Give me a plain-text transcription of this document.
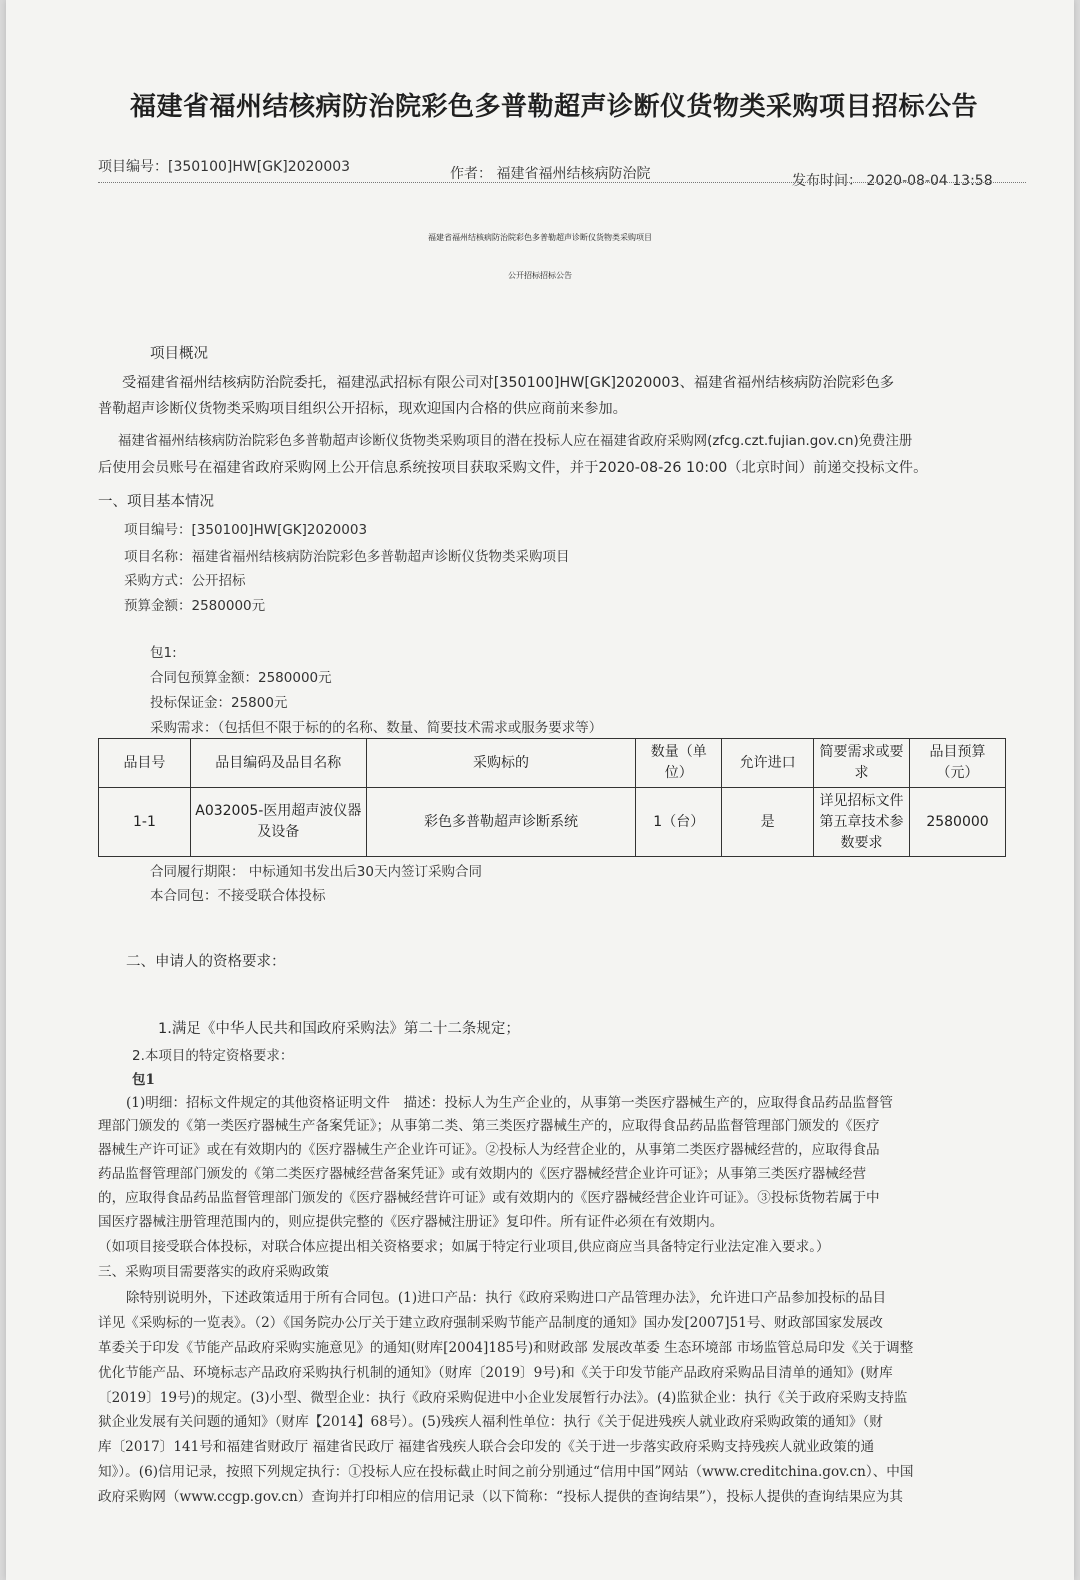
福建省福州结核病防治院彩色多普勒超声诊断仪货物类采购项目招标公告
项目编号：[350100]HW[GK]2020003	作者： 福建省福州结核病防治院	发布时间： 2020-08-04 13:58
福建省福州结核病防治院彩色多普勒超声诊断仪货物类采购项目
公开招标招标公告
项目概况
受福建省福州结核病防治院委托，福建泓武招标有限公司对[350100]HW[GK]2020003、福建省福州结核病防治院彩色多
普勒超声诊断仪货物类采购项目组织公开招标，现欢迎国内合格的供应商前来参加。
福建省福州结核病防治院彩色多普勒超声诊断仪货物类采购项目的潜在投标人应在福建省政府采购网(zfcg.czt.fujian.gov.cn)免费注册
后使用会员账号在福建省政府采购网上公开信息系统按项目获取采购文件，并于2020-08-26 10:00（北京时间）前递交投标文件。
一、项目基本情况
项目编号：[350100]HW[GK]2020003
项目名称：福建省福州结核病防治院彩色多普勒超声诊断仪货物类采购项目
采购方式：公开招标
预算金额：2580000元
包1:
合同包预算金额：2580000元
投标保证金：25800元
采购需求：（包括但不限于标的的名称、数量、简要技术需求或服务要求等）
品目号	品目编码及品目名称	采购标的	数量（单位）	允许进口	简要需求或要求	品目预算（元）
1-1	A032005-医用超声波仪器及设备	彩色多普勒超声诊断系统	1（台）	是	详见招标文件第五章技术参数要求	2580000
合同履行期限： 中标通知书发出后30天内签订采购合同
本合同包：不接受联合体投标
二、申请人的资格要求：
1.满足《中华人民共和国政府采购法》第二十二条规定；
2.本项目的特定资格要求：
包1
(1)明细：招标文件规定的其他资格证明文件　描述：投标人为生产企业的，从事第一类医疗器械生产的，应取得食品药品监督管
理部门颁发的《第一类医疗器械生产备案凭证》；从事第二类、第三类医疗器械生产的，应取得食品药品监督管理部门颁发的《医疗
器械生产许可证》或在有效期内的《医疗器械生产企业许可证》。②投标人为经营企业的，从事第二类医疗器械经营的，应取得食品
药品监督管理部门颁发的《第二类医疗器械经营备案凭证》或有效期内的《医疗器械经营企业许可证》；从事第三类医疗器械经营
的，应取得食品药品监督管理部门颁发的《医疗器械经营许可证》或有效期内的《医疗器械经营企业许可证》。③投标货物若属于中
国医疗器械注册管理范围内的，则应提供完整的《医疗器械注册证》复印件。所有证件必须在有效期内。
（如项目接受联合体投标，对联合体应提出相关资格要求；如属于特定行业项目,供应商应当具备特定行业法定准入要求。）
三、采购项目需要落实的政府采购政策
除特别说明外，下述政策适用于所有合同包。(1)进口产品：执行《政府采购进口产品管理办法》，允许进口产品参加投标的品目
详见《采购标的一览表》。（2）《国务院办公厅关于建立政府强制采购节能产品制度的通知》国办发[2007]51号、财政部国家发展改
革委关于印发《节能产品政府采购实施意见》的通知(财库[2004]185号)和财政部 发展改革委 生态环境部 市场监管总局印发《关于调整
优化节能产品、环境标志产品政府采购执行机制的通知》（财库〔2019〕9号)和《关于印发节能产品政府采购品目清单的通知》(财库
〔2019〕19号)的规定。(3)小型、微型企业：执行《政府采购促进中小企业发展暂行办法》。(4)监狱企业：执行《关于政府采购支持监
狱企业发展有关问题的通知》（财库【2014】68号）。(5)残疾人福利性单位：执行《关于促进残疾人就业政府采购政策的通知》（财
库〔2017〕141号和福建省财政厅 福建省民政厅 福建省残疾人联合会印发的《关于进一步落实政府采购支持残疾人就业政策的通
知》）。(6)信用记录，按照下列规定执行：①投标人应在投标截止时间之前分别通过“信用中国”网站（www.creditchina.gov.cn）、中国
政府采购网（www.ccgp.gov.cn）查询并打印相应的信用记录（以下简称：“投标人提供的查询结果”），投标人提供的查询结果应为其
